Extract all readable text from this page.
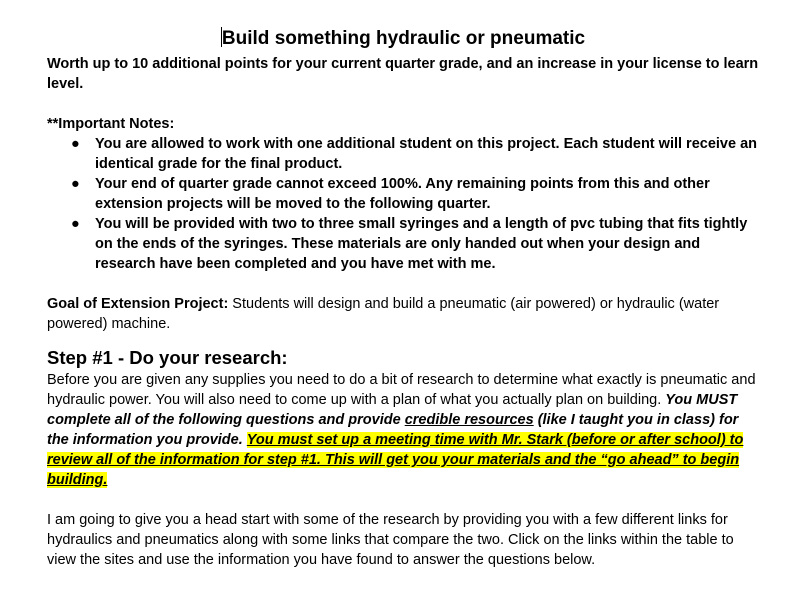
Build something hydraulic or pneumatic

Worth up to 10 additional points for your current quarter grade, and an increase in your license to learn level.

**Important Notes:

● You are allowed to work with one additional student on this project. Each student will receive an identical grade for the final product.
● Your end of quarter grade cannot exceed 100%. Any remaining points from this and other extension projects will be moved to the following quarter.
● You will be provided with two to three small syringes and a length of pvc tubing that fits tightly on the ends of the syringes. These materials are only handed out when your design and research have been completed and you have met with me.

Goal of Extension Project: Students will design and build a pneumatic (air powered) or hydraulic (water powered) machine.

Step #1 - Do your research:

Before you are given any supplies you need to do a bit of research to determine what exactly is pneumatic and hydraulic power. You will also need to come up with a plan of what you actually plan on building. You MUST complete all of the following questions and provide credible resources (like I taught you in class) for the information you provide. You must set up a meeting time with Mr. Stark (before or after school) to review all of the information for step #1. This will get you your materials and the “go ahead” to begin building.

I am going to give you a head start with some of the research by providing you with a few different links for hydraulics and pneumatics along with some links that compare the two. Click on the links within the table to view the sites and use the information you have found to answer the questions below.
